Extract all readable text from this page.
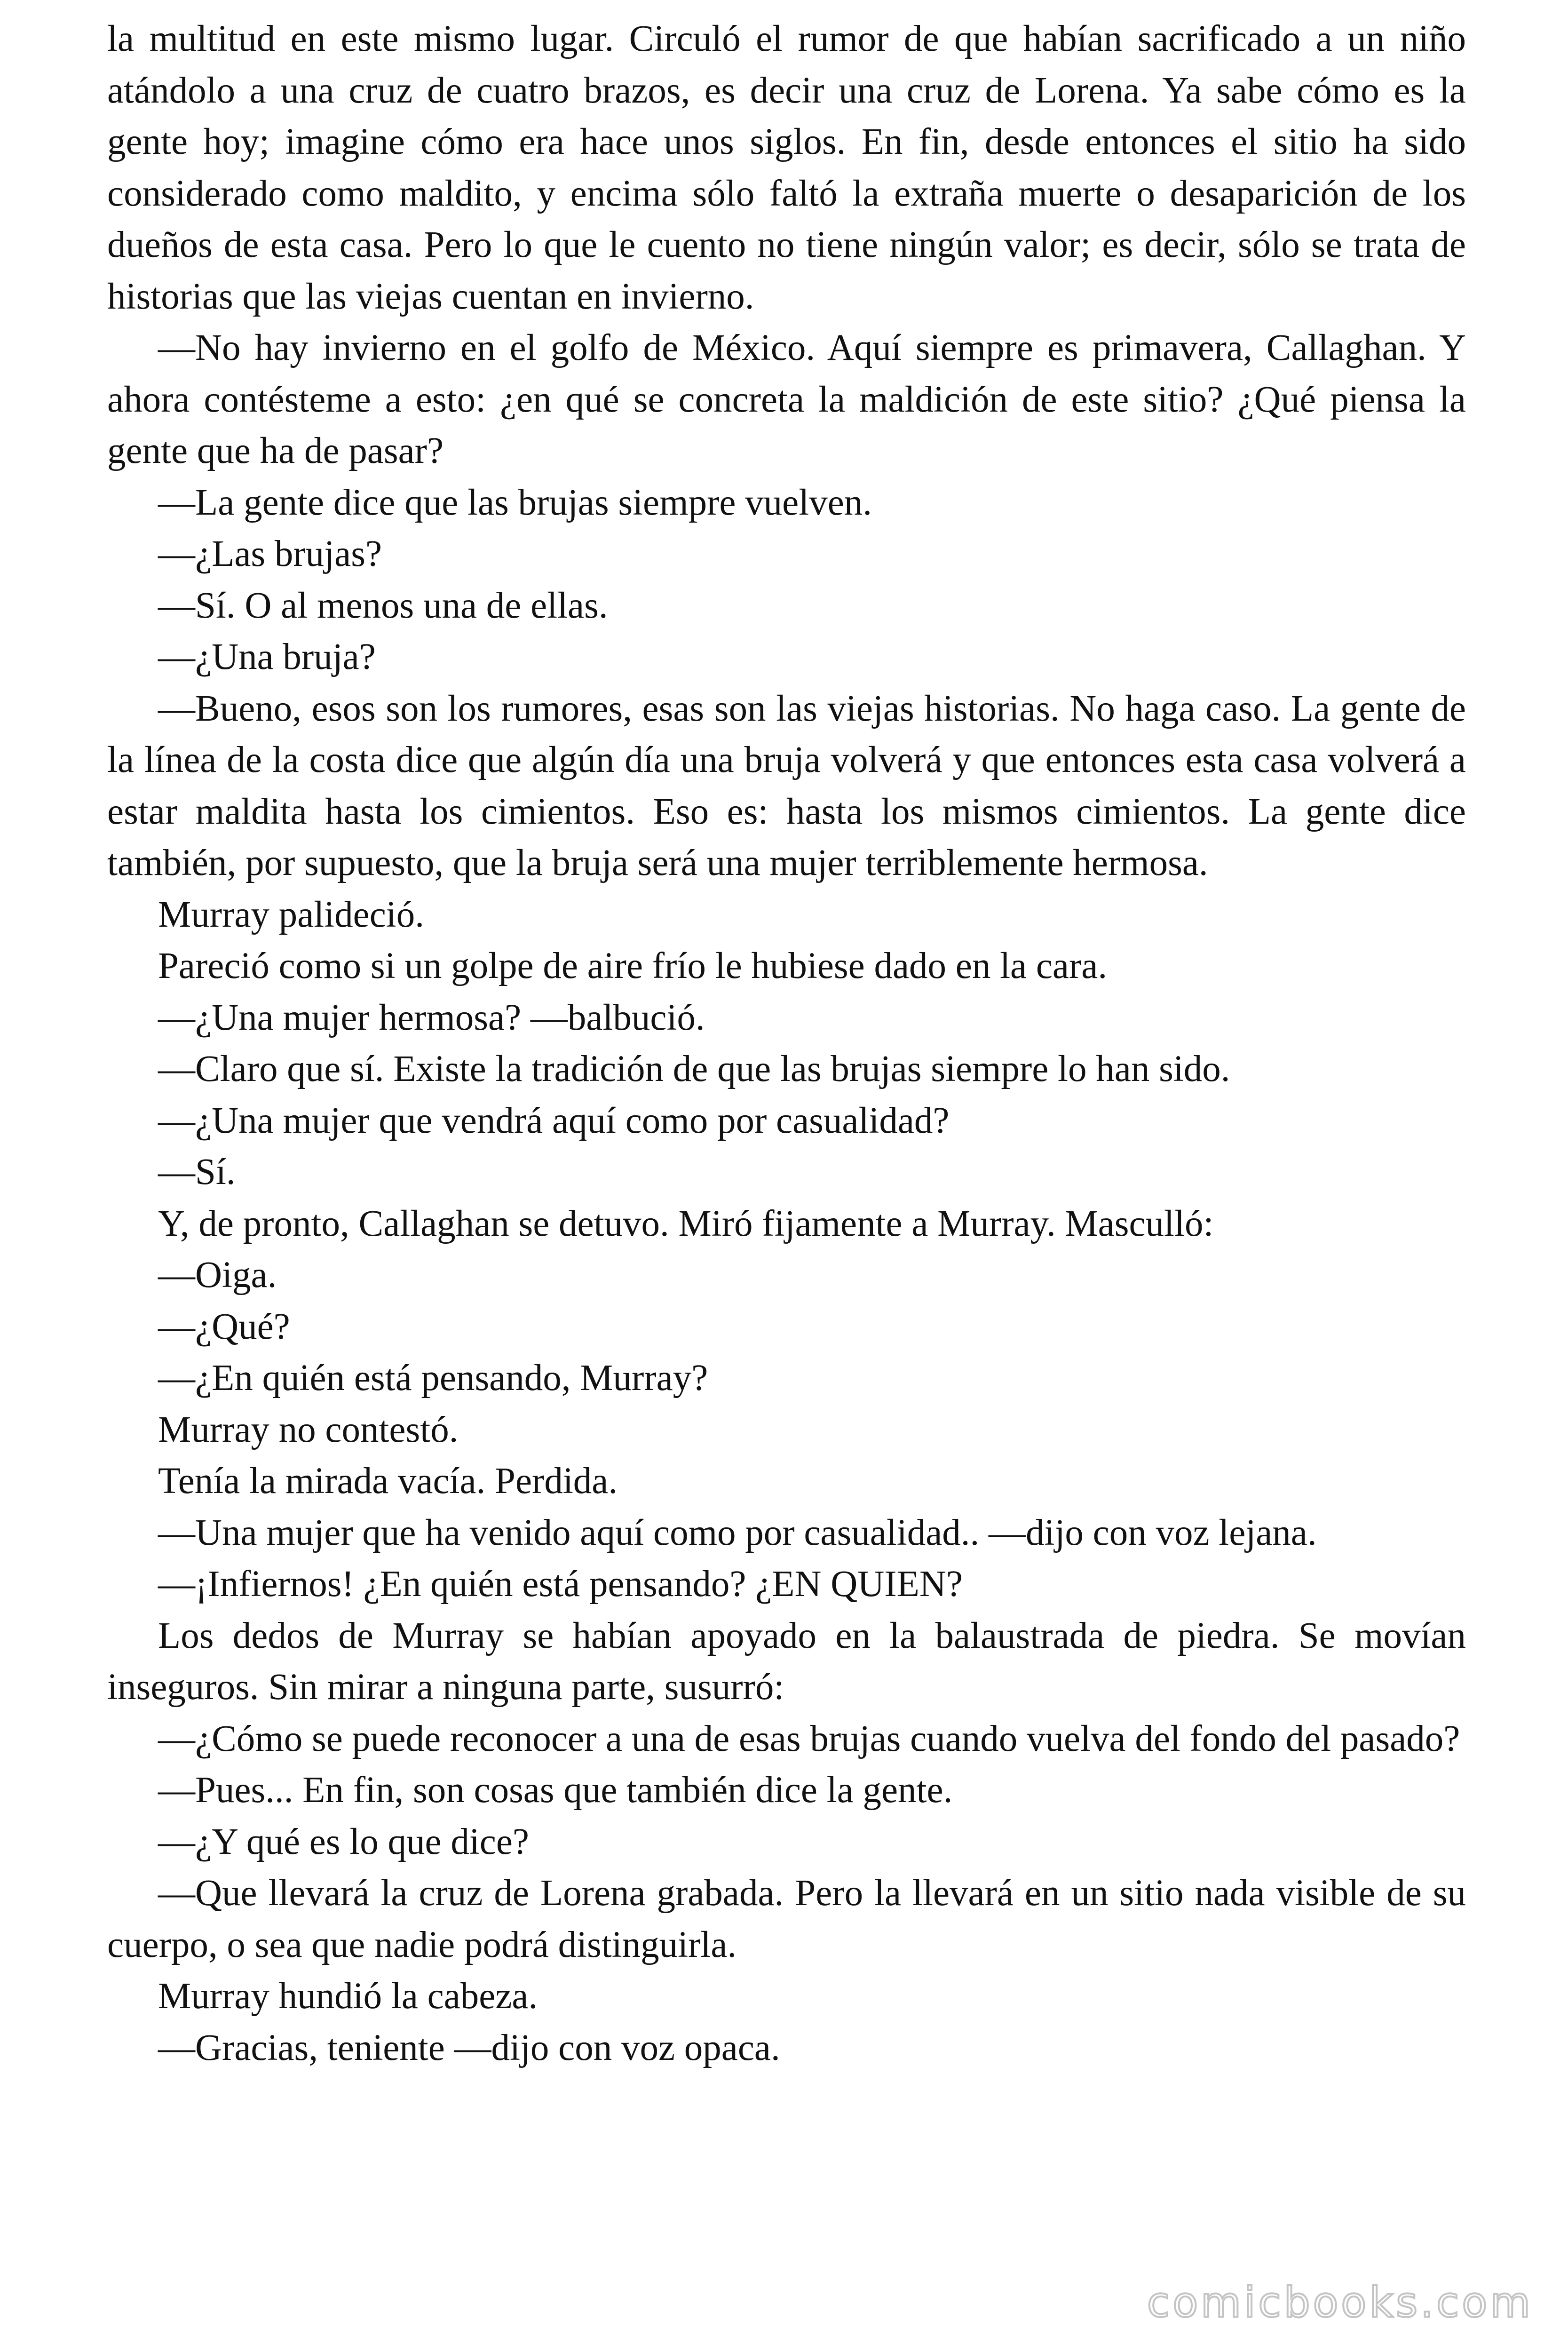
la multitud en este mismo lugar. Circuló el rumor de que habían sacrificado a un niño atándolo a una cruz de cuatro brazos, es decir una cruz de Lorena. Ya sabe cómo es la gente hoy; imagine cómo era hace unos siglos. En fin, desde entonces el sitio ha sido considerado como maldito, y encima sólo faltó la extraña muerte o desaparición de los dueños de esta casa. Pero lo que le cuento no tiene ningún valor; es decir, sólo se trata de historias que las viejas cuentan en invierno.

—No hay invierno en el golfo de México. Aquí siempre es primavera, Callaghan. Y ahora contésteme a esto: ¿en qué se concreta la maldición de este sitio? ¿Qué piensa la gente que ha de pasar?

—La gente dice que las brujas siempre vuelven.

—¿Las brujas?

—Sí. O al menos una de ellas.

—¿Una bruja?

—Bueno, esos son los rumores, esas son las viejas historias. No haga caso. La gente de la línea de la costa dice que algún día una bruja volverá y que entonces esta casa volverá a estar maldita hasta los cimientos. Eso es: hasta los mismos cimientos. La gente dice también, por supuesto, que la bruja será una mujer terriblemente hermosa.

Murray palideció.

Pareció como si un golpe de aire frío le hubiese dado en la cara.

—¿Una mujer hermosa? —balbució.

—Claro que sí. Existe la tradición de que las brujas siempre lo han sido.

—¿Una mujer que vendrá aquí como por casualidad?

—Sí.

Y, de pronto, Callaghan se detuvo. Miró fijamente a Murray. Masculló:

—Oiga.

—¿Qué?

—¿En quién está pensando, Murray?

Murray no contestó.

Tenía la mirada vacía. Perdida.

—Una mujer que ha venido aquí como por casualidad.. —dijo con voz lejana.

—¡Infiernos! ¿En quién está pensando? ¿EN QUIEN?

Los dedos de Murray se habían apoyado en la balaustrada de piedra. Se movían inseguros. Sin mirar a ninguna parte, susurró:

—¿Cómo se puede reconocer a una de esas brujas cuando vuelva del fondo del pasado?

—Pues... En fin, son cosas que también dice la gente.

—¿Y qué es lo que dice?

—Que llevará la cruz de Lorena grabada. Pero la llevará en un sitio nada visible de su cuerpo, o sea que nadie podrá distinguirla.

Murray hundió la cabeza.

—Gracias, teniente —dijo con voz opaca.

comicbooks.com
